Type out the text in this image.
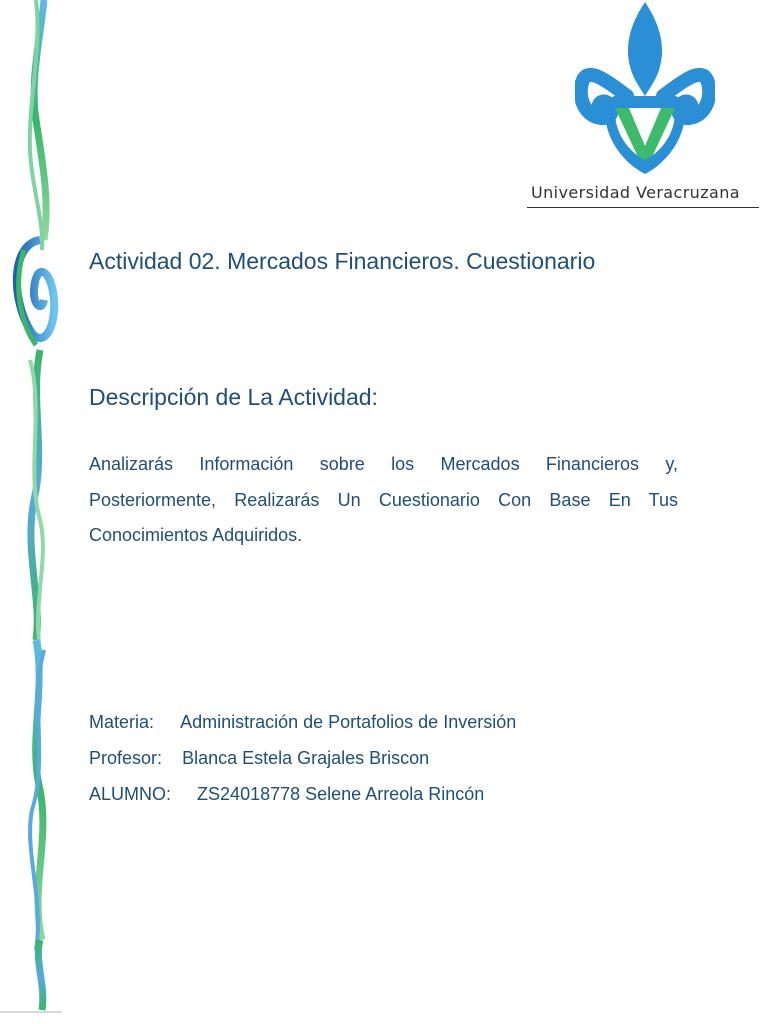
Universidad Veracruzana
Actividad 02. Mercados Financieros. Cuestionario
Descripción de La Actividad:
Analizarás Información sobre los Mercados Financieros y, Posteriormente, Realizarás Un Cuestionario Con Base En Tus Conocimientos Adquiridos.
Materia: Administración de Portafolios de Inversión
Profesor: Blanca Estela Grajales Briscon
ALUMNO: ZS24018778 Selene Arreola Rincón
